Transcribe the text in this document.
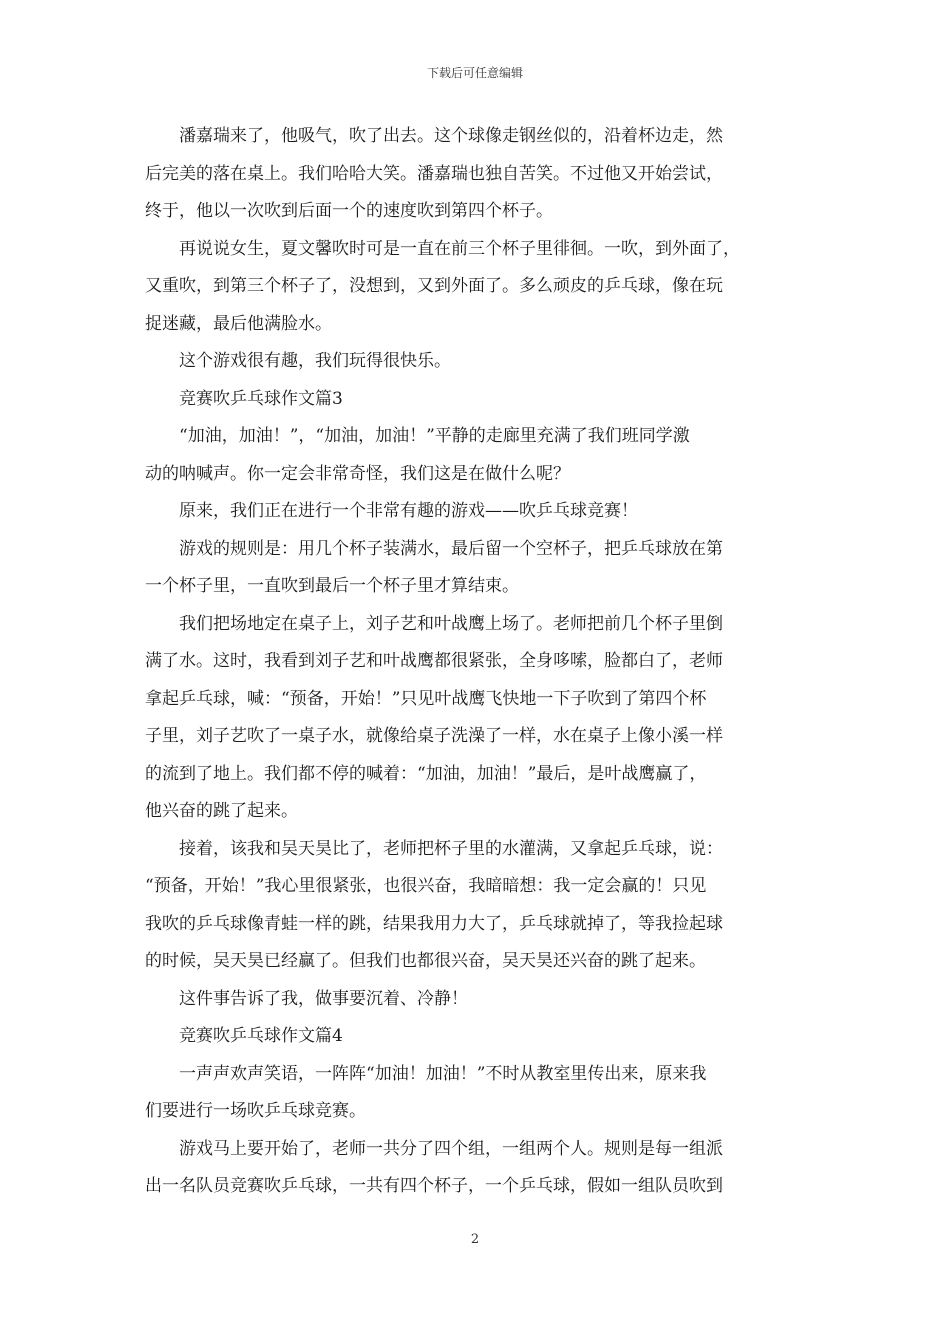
下载后可任意编辑

潘嘉瑞来了，他吸气，吹了出去。这个球像走钢丝似的，沿着杯边走，然
后完美的落在桌上。我们哈哈大笑。潘嘉瑞也独自苦笑。不过他又开始尝试，
终于，他以一次吹到后面一个的速度吹到第四个杯子。

再说说女生，夏文馨吹时可是一直在前三个杯子里徘徊。一吹，到外面了，
又重吹，到第三个杯子了，没想到，又到外面了。多么顽皮的乒乓球，像在玩
捉迷藏，最后他满脸水。

这个游戏很有趣，我们玩得很快乐。

竞赛吹乒乓球作文篇3

“加油，加油！”，“加油，加油！”平静的走廊里充满了我们班同学激
动的呐喊声。你一定会非常奇怪，我们这是在做什么呢？

原来，我们正在进行一个非常有趣的游戏——吹乒乓球竞赛！

游戏的规则是：用几个杯子装满水，最后留一个空杯子，把乒乓球放在第
一个杯子里，一直吹到最后一个杯子里才算结束。

我们把场地定在桌子上，刘子艺和叶战鹰上场了。老师把前几个杯子里倒
满了水。这时，我看到刘子艺和叶战鹰都很紧张，全身哆嗦，脸都白了，老师
拿起乒乓球，喊：“预备，开始！”只见叶战鹰飞快地一下子吹到了第四个杯
子里，刘子艺吹了一桌子水，就像给桌子洗澡了一样，水在桌子上像小溪一样
的流到了地上。我们都不停的喊着：“加油，加油！”最后，是叶战鹰赢了，
他兴奋的跳了起来。

接着，该我和吴天昊比了，老师把杯子里的水灌满，又拿起乒乓球，说：
“预备，开始！”我心里很紧张，也很兴奋，我暗暗想：我一定会赢的！只见
我吹的乒乓球像青蛙一样的跳，结果我用力大了，乒乓球就掉了，等我捡起球
的时候，吴天昊已经赢了。但我们也都很兴奋，吴天昊还兴奋的跳了起来。

这件事告诉了我，做事要沉着、冷静！

竞赛吹乒乓球作文篇4

一声声欢声笑语，一阵阵“加油！加油！”不时从教室里传出来，原来我
们要进行一场吹乒乓球竞赛。

游戏马上要开始了，老师一共分了四个组，一组两个人。规则是每一组派
出一名队员竞赛吹乒乓球，一共有四个杯子，一个乒乓球，假如一组队员吹到

2
